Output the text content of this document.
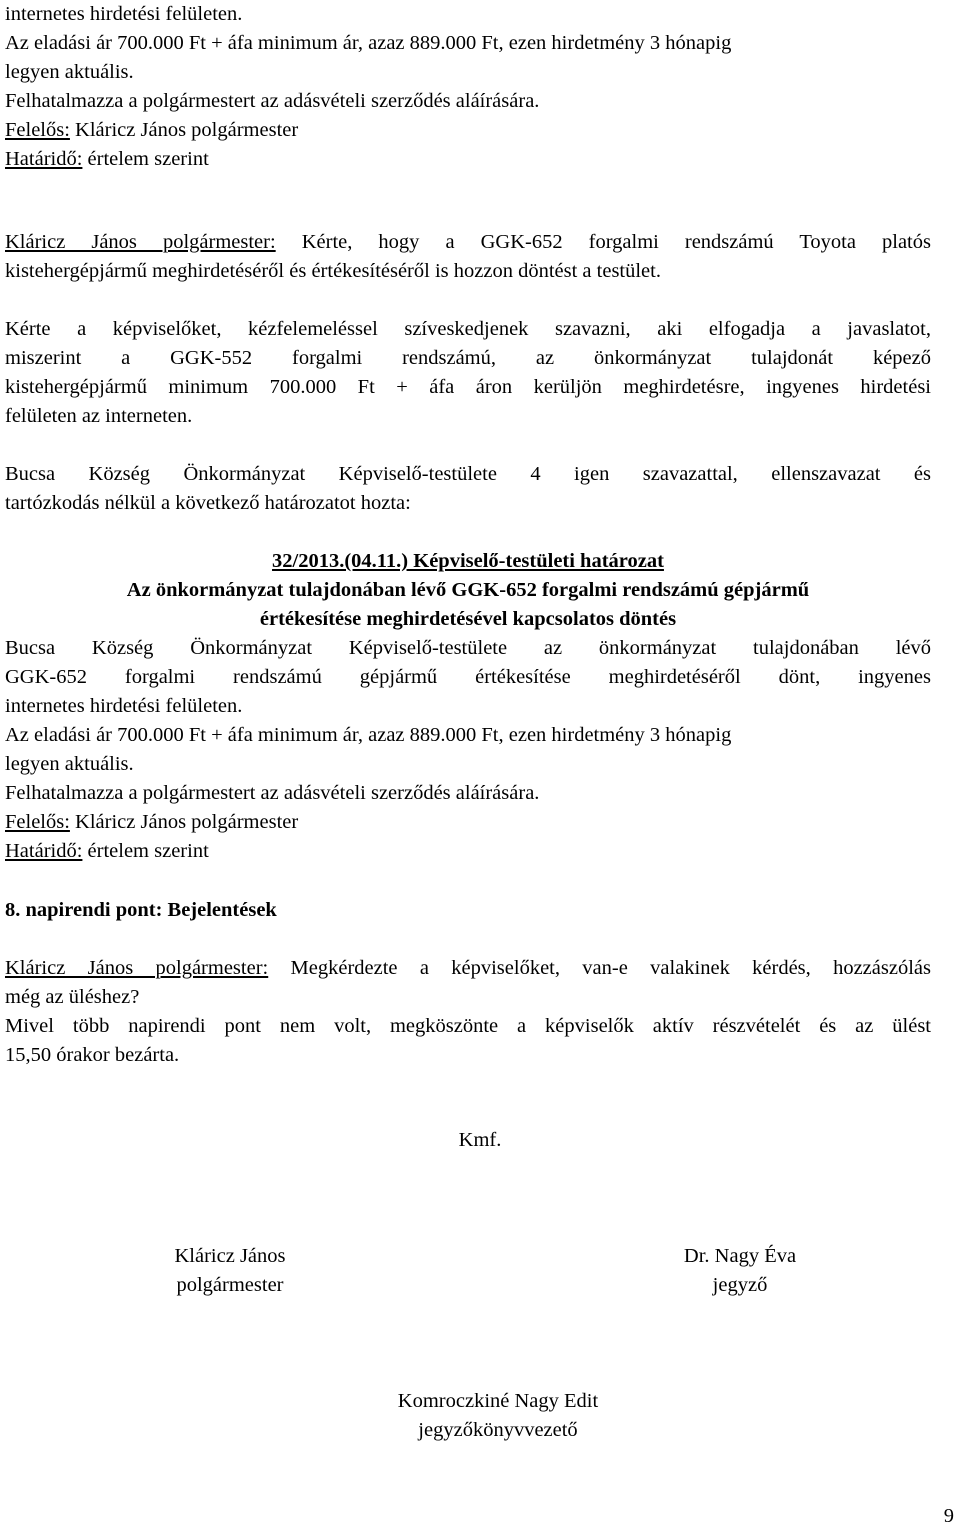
internetes hirdetési felületen.
Az eladási ár 700.000 Ft + áfa minimum ár, azaz 889.000 Ft, ezen hirdetmény 3 hónapig
legyen aktuális.
Felhatalmazza a polgármestert az adásvételi szerződés aláírására.
Felelős: Kláricz János polgármester
Határidő: értelem szerint
Kláricz János polgármester: Kérte, hogy a GGK-652 forgalmi rendszámú Toyota platós
kistehergépjármű meghirdetéséről és értékesítéséről is hozzon döntést a testület.
Kérte a képviselőket, kézfelemeléssel szíveskedjenek szavazni, aki elfogadja a javaslatot,
miszerint a GGK-552 forgalmi rendszámú, az önkormányzat tulajdonát képező
kistehergépjármű minimum 700.000 Ft + áfa áron kerüljön meghirdetésre, ingyenes hirdetési
felületen az interneten.
Bucsa Község Önkormányzat Képviselő-testülete 4 igen szavazattal, ellenszavazat és
tartózkodás nélkül a következő határozatot hozta:
32/2013.(04.11.) Képviselő-testületi határozat
Az önkormányzat tulajdonában lévő GGK-652 forgalmi rendszámú gépjármű
értékesítése meghirdetésével kapcsolatos döntés
Bucsa Község Önkormányzat Képviselő-testülete az önkormányzat tulajdonában lévő
GGK-652 forgalmi rendszámú gépjármű értékesítése meghirdetéséről dönt, ingyenes
internetes hirdetési felületen.
Az eladási ár 700.000 Ft + áfa minimum ár, azaz 889.000 Ft, ezen hirdetmény 3 hónapig
legyen aktuális.
Felhatalmazza a polgármestert az adásvételi szerződés aláírására.
Felelős: Kláricz János polgármester
Határidő: értelem szerint
8. napirendi pont: Bejelentések
Kláricz János polgármester: Megkérdezte a képviselőket, van-e valakinek kérdés, hozzászólás
még az üléshez?
Mivel több napirendi pont nem volt, megköszönte a képviselők aktív részvételét és az ülést
15,50 órakor bezárta.
Kmf.
Kláricz János
polgármester
Dr. Nagy Éva
jegyző
Komroczkiné Nagy Edit
jegyzőkönyvvezető
9
